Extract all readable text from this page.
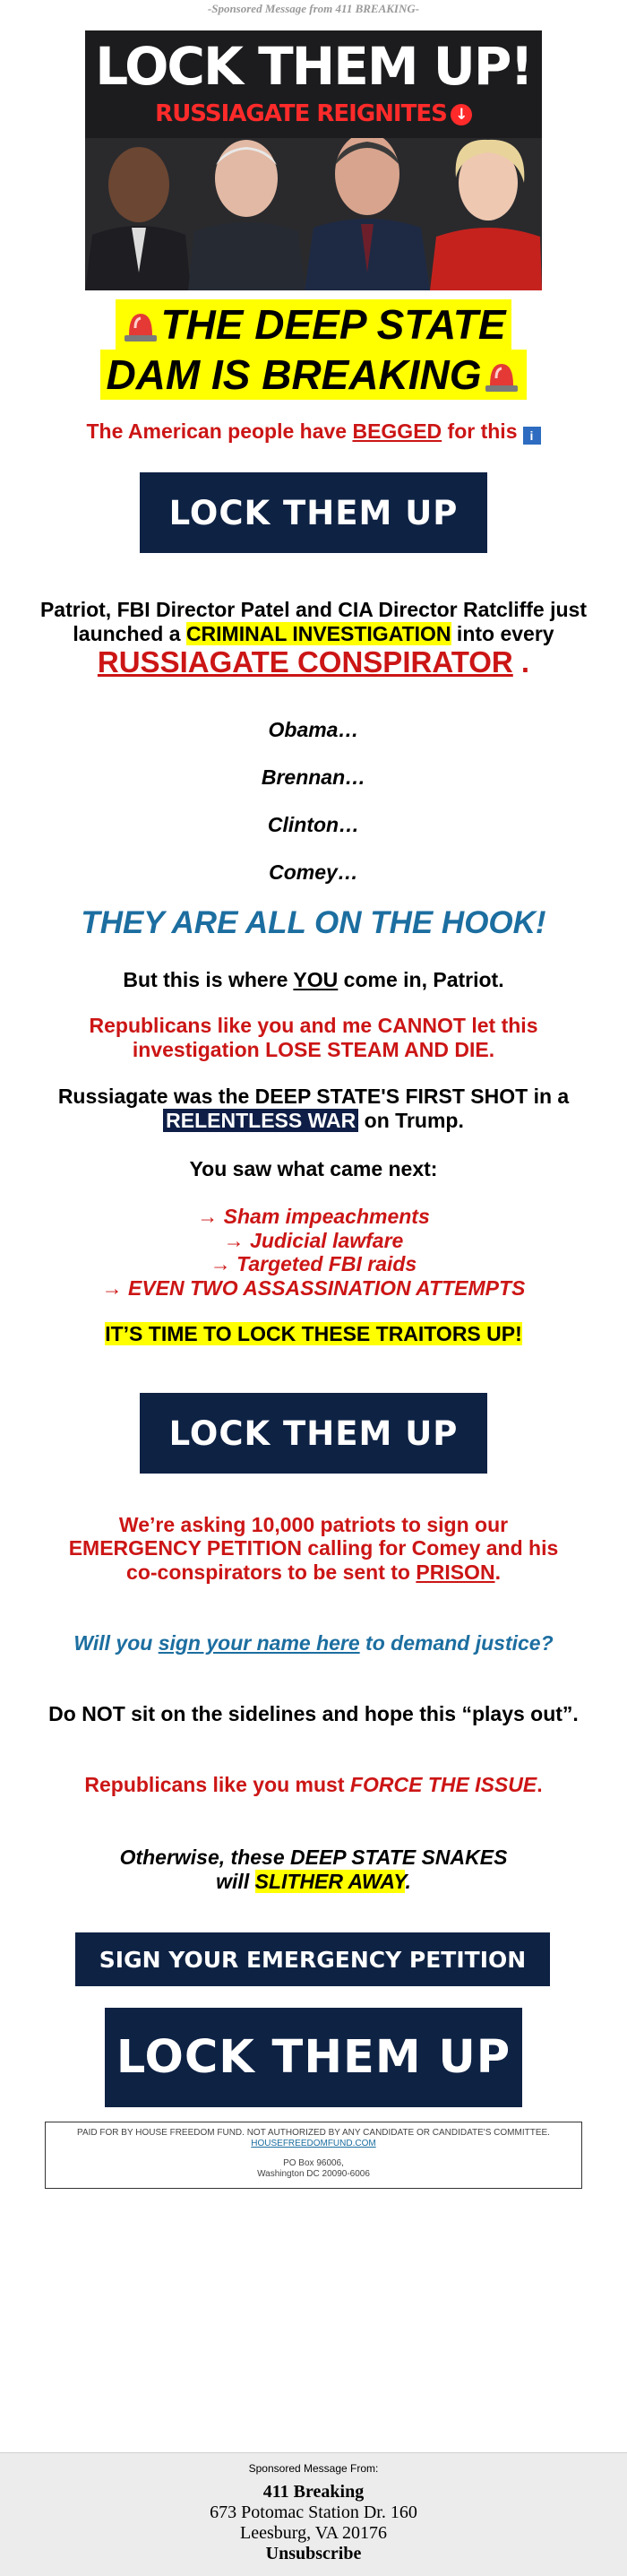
-Sponsored Message from 411 BREAKING-
LOCK THEM UP!
RUSSIAGATE REIGNITES ↓
THE DEEP STATE
DAM IS BREAKING
The American people have BEGGED for this i
LOCK THEM UP
Patriot, FBI Director Patel and CIA Director Ratcliffe just
launched a CRIMINAL INVESTIGATION into every
RUSSIAGATE CONSPIRATOR .
Obama…
Brennan…
Clinton…
Comey…
THEY ARE ALL ON THE HOOK!
But this is where YOU come in, Patriot.
Republicans like you and me CANNOT let this
investigation LOSE STEAM AND DIE.
Russiagate was the DEEP STATE'S FIRST SHOT in a
RELENTLESS WAR on Trump.
You saw what came next:
→ Sham impeachments
→ Judicial lawfare
→ Targeted FBI raids
→ EVEN TWO ASSASSINATION ATTEMPTS
IT’S TIME TO LOCK THESE TRAITORS UP!
LOCK THEM UP
We’re asking 10,000 patriots to sign our
EMERGENCY PETITION calling for Comey and his
co-conspirators to be sent to PRISON.
Will you sign your name here to demand justice?
Do NOT sit on the sidelines and hope this “plays out”.
Republicans like you must FORCE THE ISSUE.
Otherwise, these DEEP STATE SNAKES
will SLITHER AWAY.
SIGN YOUR EMERGENCY PETITION
LOCK THEM UP
PAID FOR BY HOUSE FREEDOM FUND. NOT AUTHORIZED BY ANY CANDIDATE OR CANDIDATE'S COMMITTEE.
HOUSEFREEDOMFUND.COM
PO Box 96006,
Washington DC 20090-6006
Sponsored Message From:
411 Breaking
673 Potomac Station Dr. 160
Leesburg, VA 20176
Unsubscribe
